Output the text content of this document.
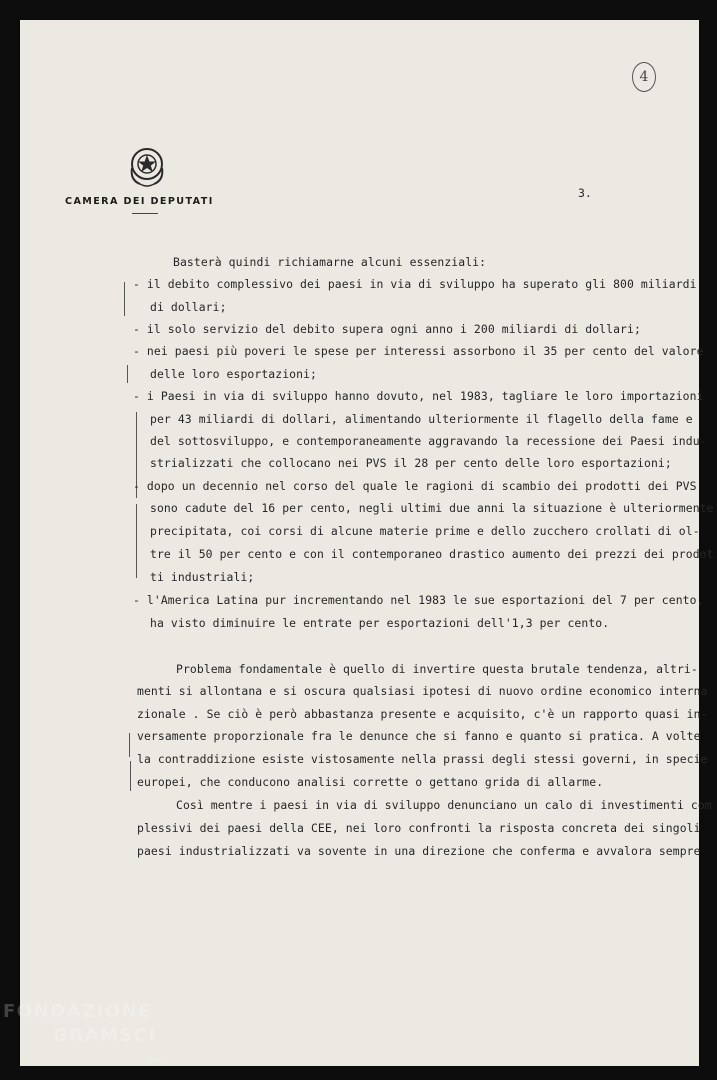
4
CAMERA DEI DEPUTATI
3.
Basterà quindi richiamarne alcuni essenziali:
- il debito complessivo dei paesi in via di sviluppo ha superato gli 800 miliardi
di dollari;
- il solo servizio del debito supera ogni anno i 200 miliardi di dollari;
- nei paesi più poveri le spese per interessi assorbono il 35 per cento del valore
delle loro esportazioni;
- i Paesi in via di sviluppo hanno dovuto, nel 1983, tagliare le loro importazioni
per 43 miliardi di dollari, alimentando ulteriormente il flagello della fame e
del sottosviluppo, e contemporaneamente aggravando la recessione dei Paesi indu-
strializzati che collocano nei PVS il 28 per cento delle loro esportazioni;
- dopo un decennio nel corso del quale le ragioni di scambio dei prodotti dei PVS
sono cadute del 16 per cento, negli ultimi due anni la situazione è ulteriormente
precipitata, coi corsi di alcune materie prime e dello zucchero crollati di ol-
tre il 50 per cento e con il contemporaneo drastico aumento dei prezzi dei prodot
ti industriali;
- l'America Latina pur incrementando nel 1983 le sue esportazioni del 7 per cento,
ha visto diminuire le entrate per esportazioni dell'1,3 per cento.
Problema fondamentale è quello di invertire questa brutale tendenza, altri-
menti si allontana e si oscura qualsiasi ipotesi di nuovo ordine economico interna
zionale . Se ciò è però abbastanza presente e acquisito, c'è un rapporto quasi in-
versamente proporzionale fra le denunce che si fanno e quanto si pratica. A volte
la contraddizione esiste vistosamente nella prassi degli stessi governi, in specie
europei, che conducono analisi corrette o gettano grida di allarme.
Così mentre i paesi in via di sviluppo denunciano un calo di investimenti com
plessivi dei paesi della CEE, nei loro confronti la risposta concreta dei singoli
paesi industrializzati va sovente in una direzione che conferma e avvalora sempre
FONDAZIONE
GRAMSCI
onlus
